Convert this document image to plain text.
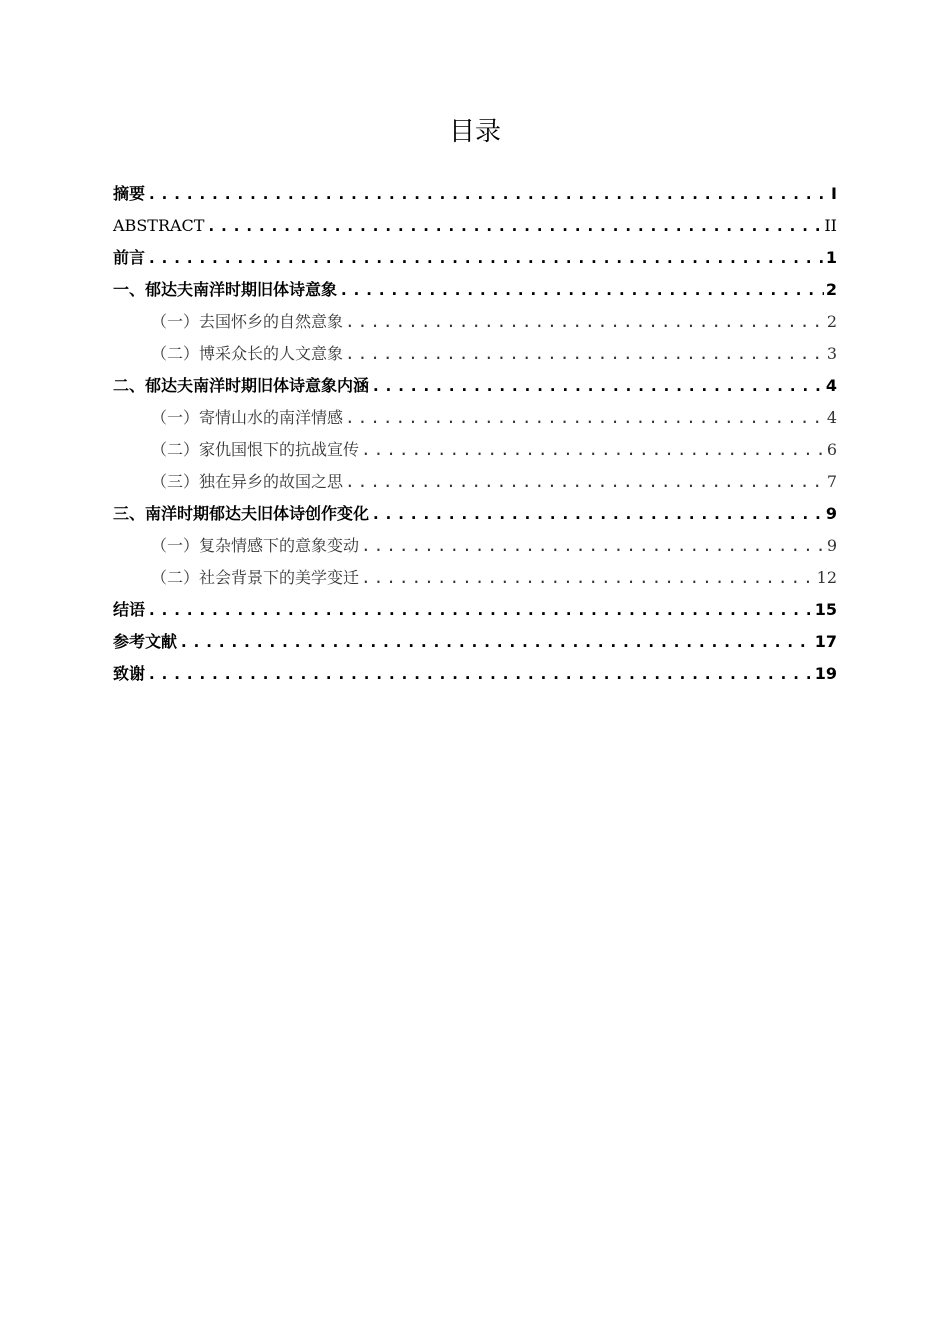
目录
摘要 .....	I
ABSTRACT .....	II
前言 .....	1
一、郁达夫南洋时期旧体诗意象 .....	2
（一）去国怀乡的自然意象 .....	2
（二）博采众长的人文意象 .....	3
二、郁达夫南洋时期旧体诗意象内涵 .....	4
（一）寄情山水的南洋情感 .....	4
（二）家仇国恨下的抗战宣传 .....	6
（三）独在异乡的故国之思 .....	7
三、南洋时期郁达夫旧体诗创作变化 .....	9
（一）复杂情感下的意象变动 .....	9
（二）社会背景下的美学变迁 .....	12
结语 .....	15
参考文献 .....	17
致谢 .....	19
